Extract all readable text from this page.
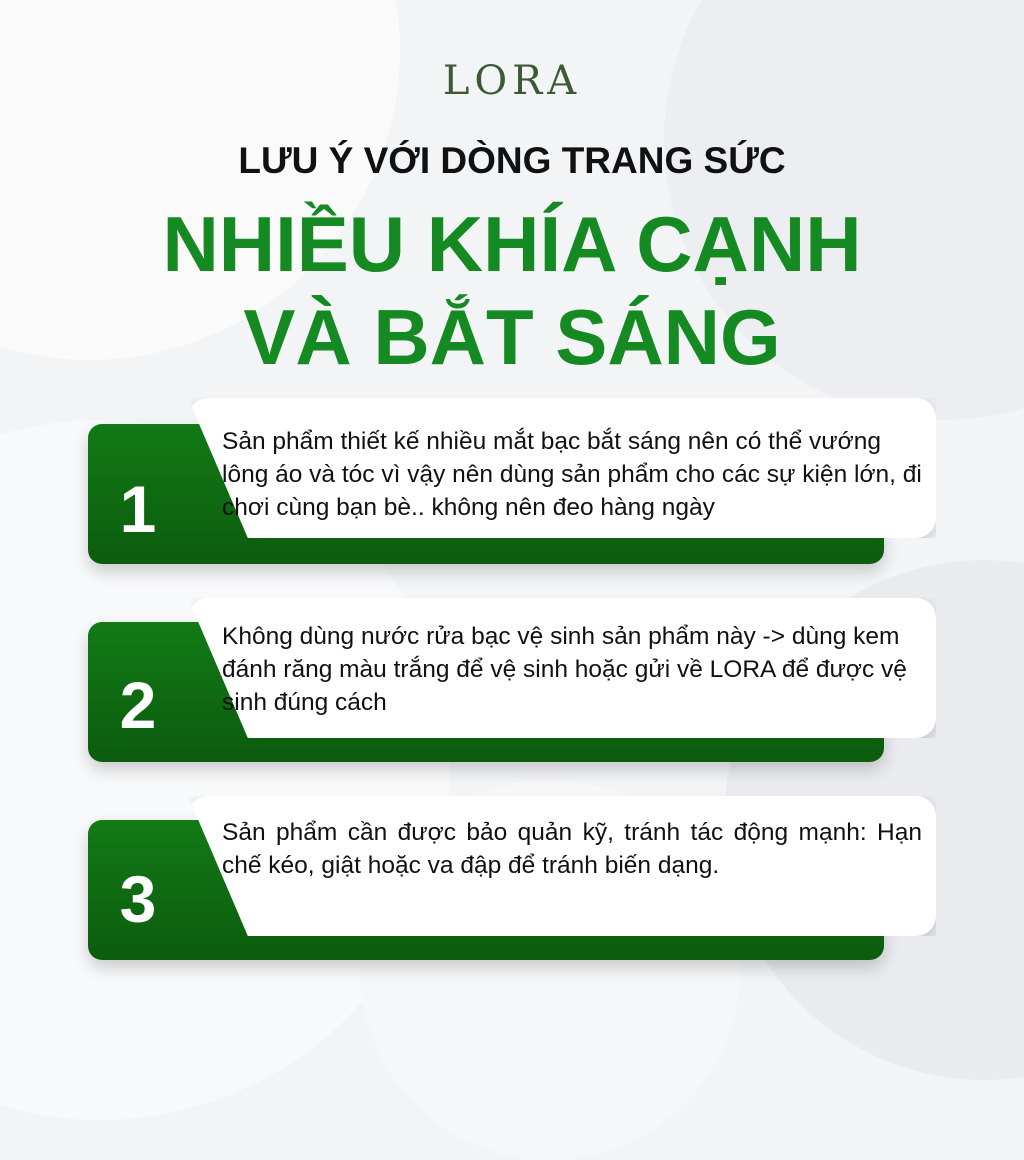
LORA
LƯU Ý VỚI DÒNG TRANG SỨC
NHIỀU KHÍA CẠNH
VÀ BẮT SÁNG
1

Sản phẩm thiết kế nhiều mắt bạc bắt sáng nên có thể vướng lông áo và tóc vì vậy nên dùng sản phẩm cho các sự kiện lớn, đi chơi cùng bạn bè.. không nên đeo hàng ngày

2

Không dùng nước rửa bạc vệ sinh sản phẩm này -> dùng kem đánh răng màu trắng để vệ sinh hoặc gửi về LORA để được vệ sinh đúng cách

3

Sản phẩm cần được bảo quản kỹ, tránh tác động mạnh: Hạn chế kéo, giật hoặc va đập để tránh biến dạng.
